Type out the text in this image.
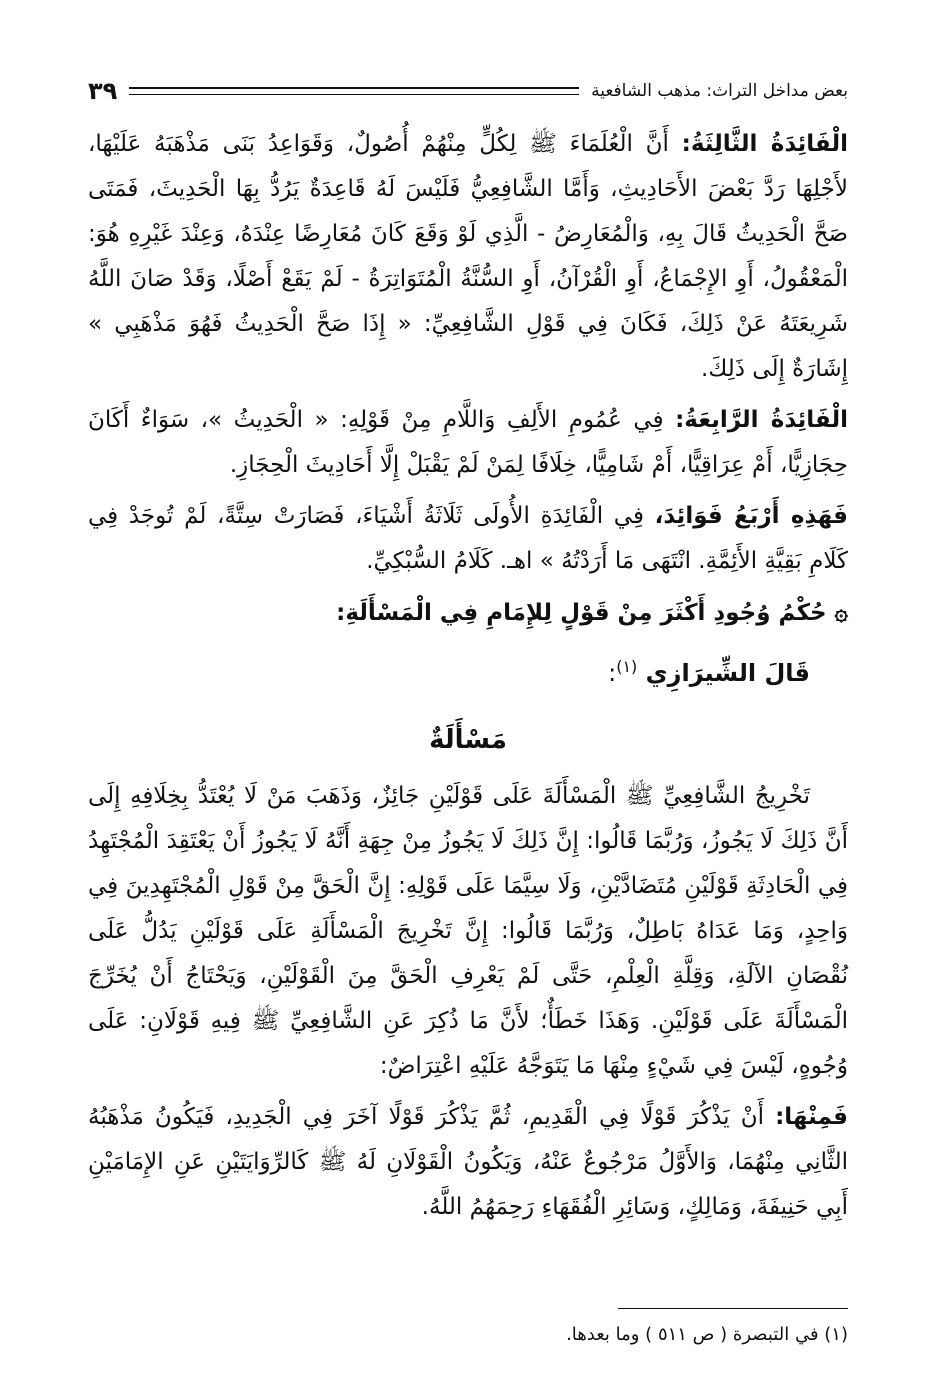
بعض مداخل التراث: مذهب الشافعية
٣٩

الْفَائِدَةُ الثَّالِثَةُ: أَنَّ الْعُلَمَاءَ ﷺ لِكُلٍّ مِنْهُمْ أُصُولٌ، وَقَوَاعِدُ بَنَى مَذْهَبَهُ عَلَيْهَا، لأَجْلِهَا رَدَّ بَعْضَ الأَحَادِيثِ، وَأَمَّا الشَّافِعِيُّ فَلَيْسَ لَهُ قَاعِدَةٌ يَرُدُّ بِهَا الْحَدِيثَ، فَمَتَى صَحَّ الْحَدِيثُ قَالَ بِهِ، وَالْمُعَارِضُ - الَّذِي لَوْ وَقَعَ كَانَ مُعَارِضًا عِنْدَهُ، وَعِنْدَ غَيْرِهِ هُوَ: الْمَعْقُولُ، أَوِ الإِجْمَاعُ، أَوِ الْقُرْآنُ، أَوِ السُّنَّةُ الْمُتَوَاتِرَةُ - لَمْ يَقَعْ أَصْلًا، وَقَدْ صَانَ اللَّهُ شَرِيعَتَهُ عَنْ ذَلِكَ، فَكَانَ فِي قَوْلِ الشَّافِعِيِّ: « إِذَا صَحَّ الْحَدِيثُ فَهُوَ مَذْهَبِي » إِشَارَةٌ إِلَى ذَلِكَ.

الْفَائِدَةُ الرَّابِعَةُ: فِي عُمُومِ الأَلِفِ وَاللَّامِ مِنْ قَوْلِهِ: « الْحَدِيثُ »، سَوَاءٌ أَكَانَ حِجَازِيًّا، أَمْ عِرَاقِيًّا، أَمْ شَامِيًّا، خِلَافًا لِمَنْ لَمْ يَقْبَلْ إِلَّا أَحَادِيثَ الْحِجَازِ.

فَهَذِهِ أَرْبَعُ فَوَائِدَ، فِي الْفَائِدَةِ الأُولَى ثَلَاثَةُ أَشْيَاءَ، فَصَارَتْ سِتَّةً، لَمْ تُوجَدْ فِي كَلَامِ بَقِيَّةِ الأَئِمَّةِ. انْتَهَى مَا أَرَدْتُهُ » اهـ. كَلَامُ السُّبْكِيِّ.

۞حُكْمُ وُجُودِ أَكْثَرَ مِنْ قَوْلٍ لِلإِمَامِ فِي الْمَسْأَلَةِ:
قَالَ الشِّيرَازِي $^{(١)}$:
مَسْأَلَةٌ

تَخْرِيجُ الشَّافِعِيِّ ﷺ الْمَسْأَلَةَ عَلَى قَوْلَيْنِ جَائِزٌ، وَذَهَبَ مَنْ لَا يُعْتَدُّ بِخِلَافِهِ إِلَى أَنَّ ذَلِكَ لَا يَجُوزُ، وَرُبَّمَا قَالُوا: إِنَّ ذَلِكَ لَا يَجُوزُ مِنْ جِهَةِ أَنَّهُ لَا يَجُوزُ أَنْ يَعْتَقِدَ الْمُجْتَهِدُ فِي الْحَادِثَةِ قَوْلَيْنِ مُتَضَادَّيْنِ، وَلَا سِيَّمَا عَلَى قَوْلِهِ: إِنَّ الْحَقَّ مِنْ قَوْلِ الْمُجْتَهِدِينَ فِي وَاحِدٍ، وَمَا عَدَاهُ بَاطِلٌ، وَرُبَّمَا قَالُوا: إِنَّ تَخْرِيجَ الْمَسْأَلَةِ عَلَى قَوْلَيْنِ يَدُلُّ عَلَى نُقْصَانِ الآلَةِ، وَقِلَّةِ الْعِلْمِ، حَتَّى لَمْ يَعْرِفِ الْحَقَّ مِنَ الْقَوْلَيْنِ، وَيَحْتَاجُ أَنْ يُخَرِّجَ الْمَسْأَلَةَ عَلَى قَوْلَيْنِ. وَهَذَا خَطَأٌ؛ لأَنَّ مَا ذُكِرَ عَنِ الشَّافِعِيِّ ﷺ فِيهِ قَوْلَانِ: عَلَى وُجُوهٍ، لَيْسَ فِي شَيْءٍ مِنْهَا مَا يَتَوَجَّهُ عَلَيْهِ اعْتِرَاضٌ:

فَمِنْهَا: أَنْ يَذْكُرَ قَوْلًا فِي الْقَدِيمِ، ثُمَّ يَذْكُرَ قَوْلًا آخَرَ فِي الْجَدِيدِ، فَيَكُونُ مَذْهَبُهُ الثَّانِي مِنْهُمَا، وَالأَوَّلُ مَرْجُوعٌ عَنْهُ، وَيَكُونُ الْقَوْلَانِ لَهُ ﷺ كَالرِّوَايَتَيْنِ عَنِ الإِمَامَيْنِ أَبِي حَنِيفَةَ، وَمَالِكٍ، وَسَائِرِ الْفُقَهَاءِ رَحِمَهُمُ اللَّهُ.

(١) في التبصرة ( ص ٥١١ ) وما بعدها.
